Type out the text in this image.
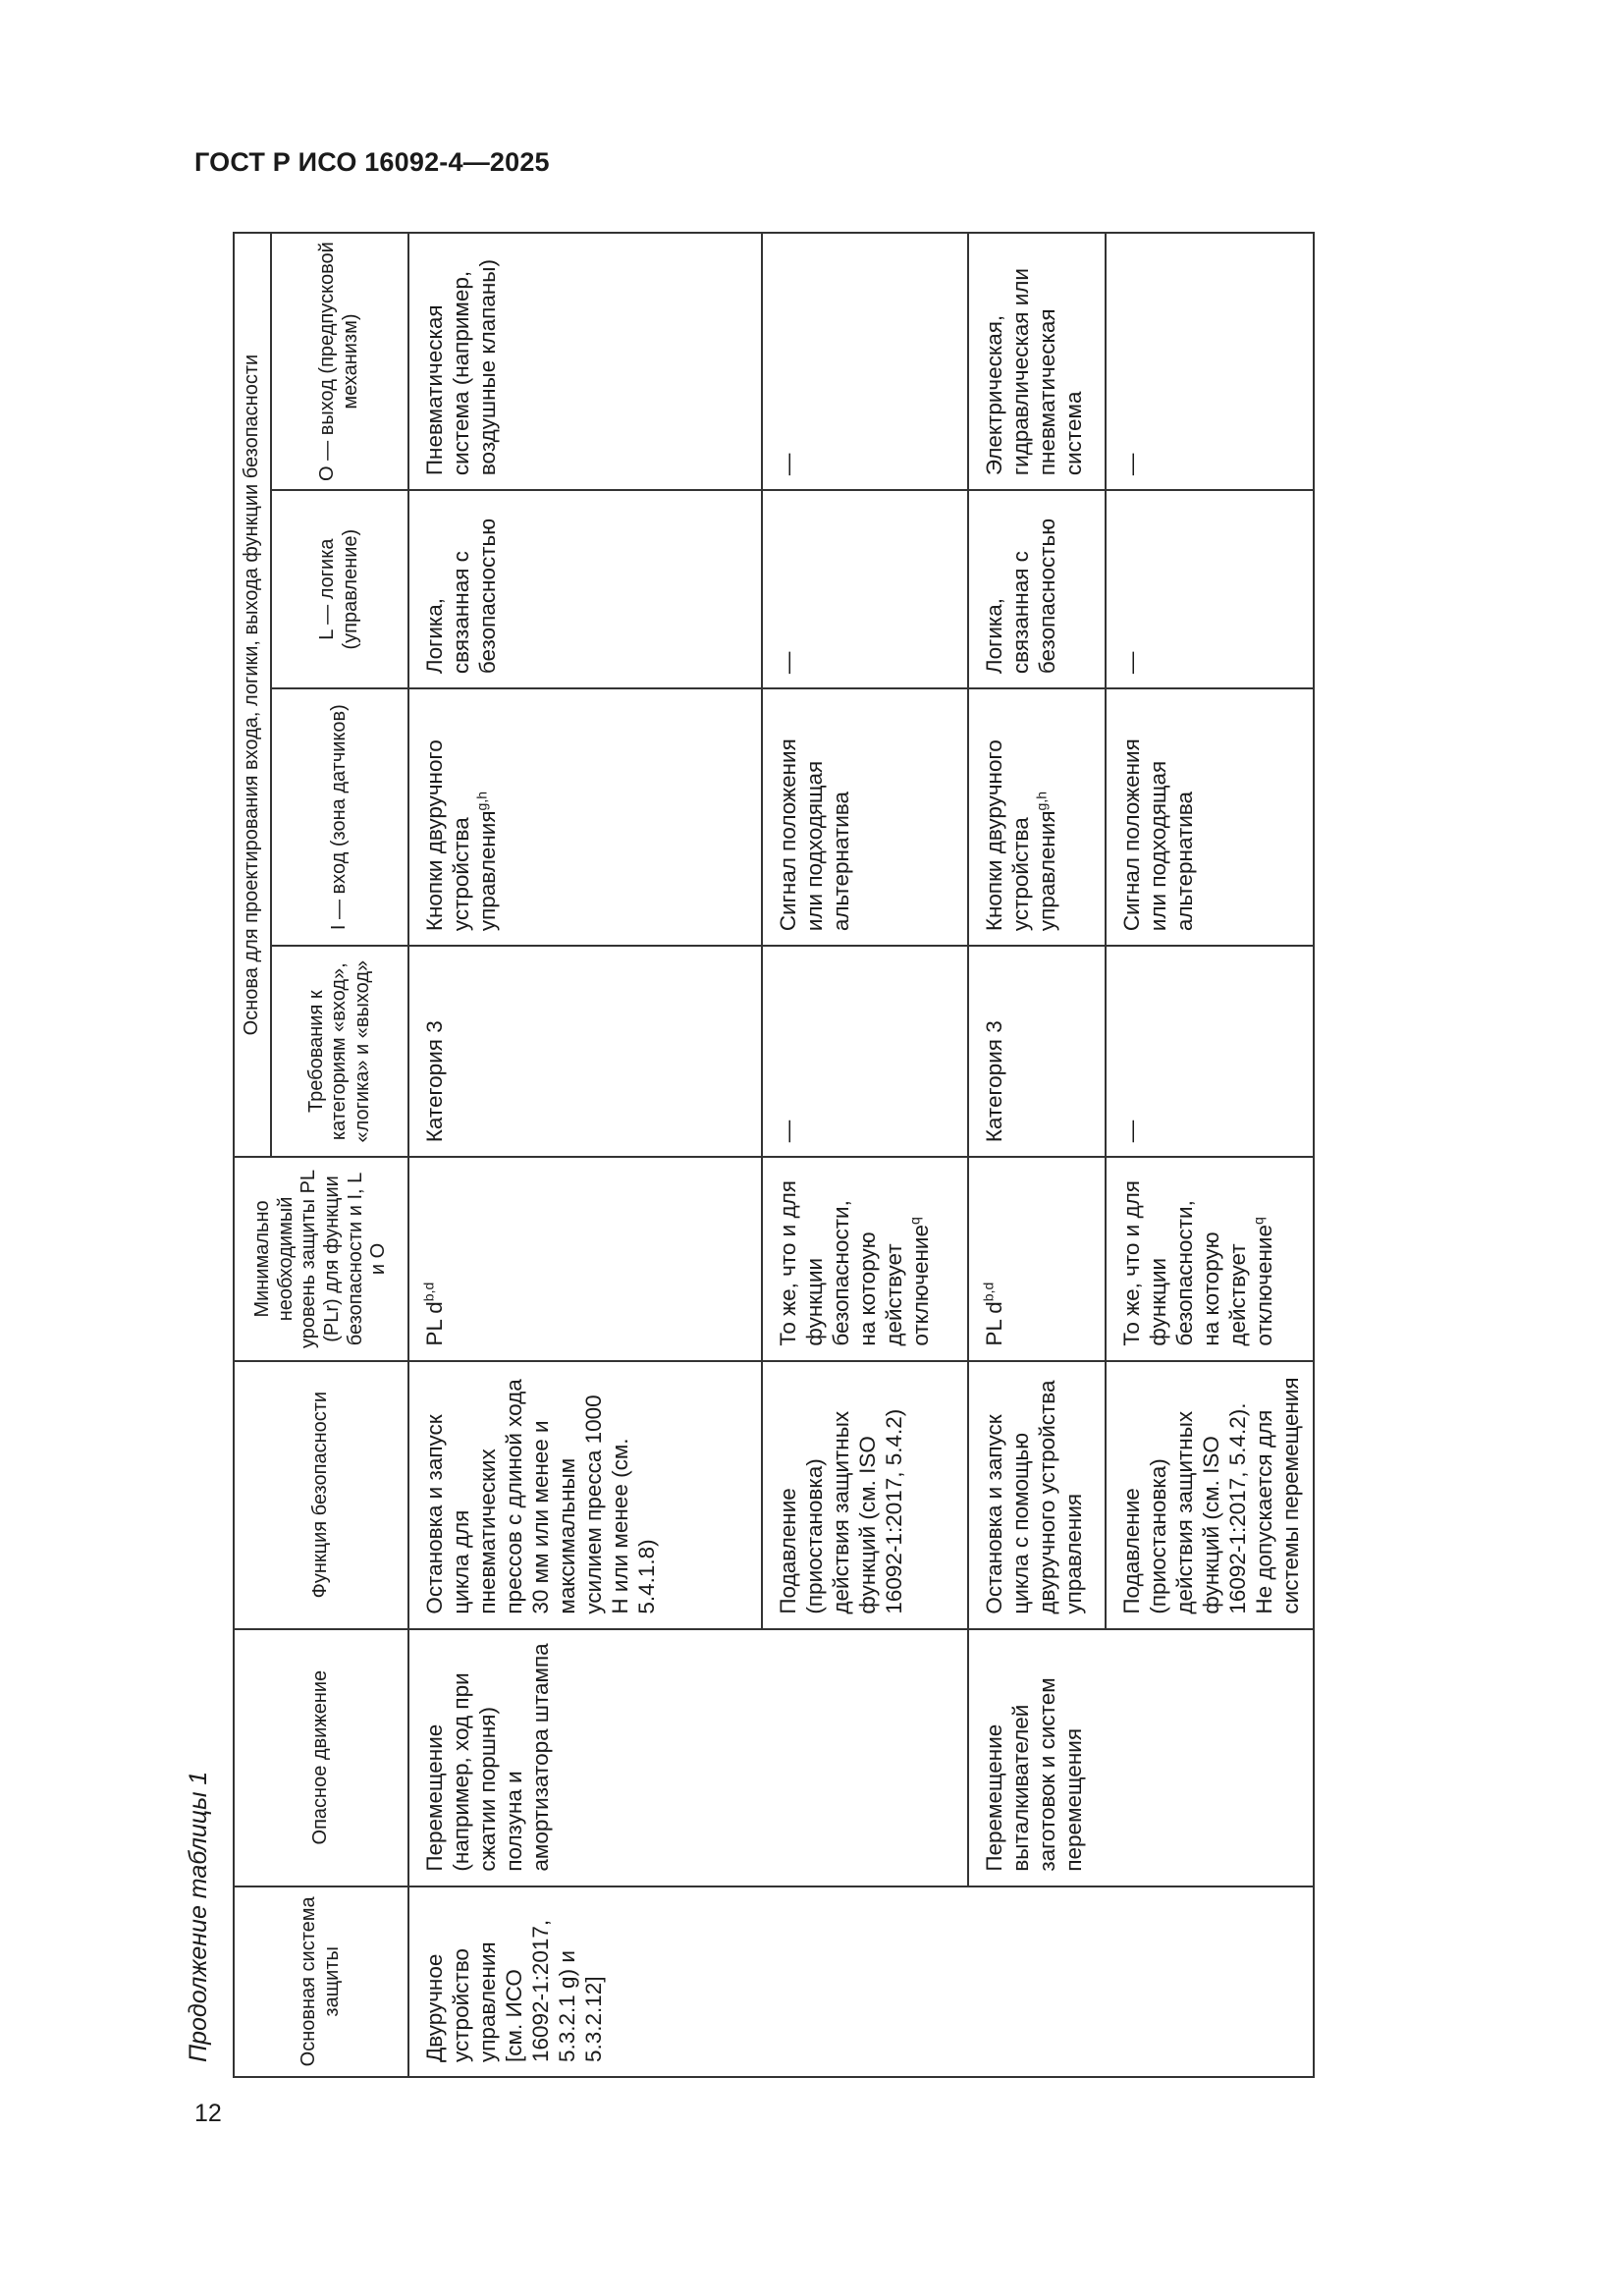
ГОСТ Р ИСО 16092-4—2025
Продолжение таблицы 1
12
Основная система защиты	Опасное движение	Функция безопасности	Минимально необходимый уровень защиты PL (PLr) для функции безопасности и I, L и O	Основа для проектирования входа, логики, выхода функции безопасности			
				Требования к категориям «вход», «логика» и «выход»	I — вход (зона датчиков)	L — логика (управление)	O — выход (предпусковой механизм)
Двуручное устройство управления [см. ИСО 16092-1:2017, 5.3.2.1 g) и 5.3.2.12]	Перемещение (например, ход при сжатии поршня) ползуна и амортизатора штампа	Остановка и запуск цикла для пневматических прессов с длиной хода 30 мм или менее и максимальным усилием пресса 1000 Н или менее (см. 5.4.1.8)	PL $d^{b,d}$	Категория 3	Кнопки двуручного устройства управления$^{g,h}$	Логика, связанная с безопасностью	Пневматическая система (например, воздушные клапаны)
		Подавление (приостановка) действия защитных функций (см. ISO 16092-1:2017, 5.4.2)	То же, что и для функции безопасности, на которую действует отключение$^q$	—	Сигнал положения или подходящая альтернатива	—	—
	Перемещение выталкивателей заготовок и систем перемещения	Остановка и запуск цикла с помощью двуручного устройства управления	PL $d^{b,d}$	Категория 3	Кнопки двуручного устройства управления$^{g,h}$	Логика, связанная с безопасностью	Электрическая, гидравлическая или пневматическая система
		Подавление (приостановка) действия защитных функций (см. ISO 16092-1:2017, 5.4.2). Не допускается для системы перемещения	То же, что и для функции безопасности, на которую действует отключение$^q$	—	Сигнал положения или подходящая альтернатива	—	—
